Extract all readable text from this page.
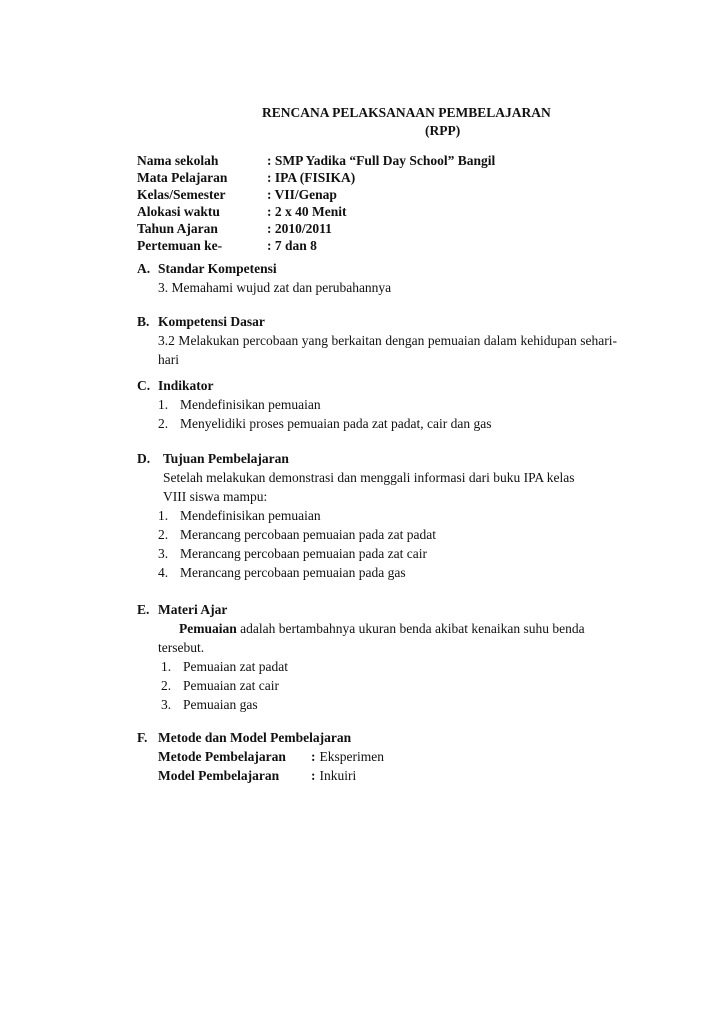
RENCANA PELAKSANAAN PEMBELAJARAN
(RPP)
Nama sekolah	: SMP Yadika “Full Day School” Bangil
Mata Pelajaran	: IPA (FISIKA)
Kelas/Semester	: VII/Genap
Alokasi waktu	: 2 x 40 Menit
Tahun Ajaran	: 2010/2011
Pertemuan ke-	: 7 dan 8
A. Standar Kompetensi
3. Memahami wujud zat dan perubahannya
B. Kompetensi Dasar
3.2 Melakukan percobaan yang berkaitan dengan pemuaian dalam kehidupan sehari-hari
C. Indikator
1. Mendefinisikan pemuaian
2. Menyelidiki proses pemuaian pada zat padat, cair dan gas
D. Tujuan Pembelajaran
Setelah melakukan demonstrasi dan menggali informasi dari buku IPA kelas
VIII siswa mampu:
1. Mendefinisikan pemuaian
2. Merancang percobaan pemuaian pada zat padat
3. Merancang percobaan pemuaian pada zat cair
4. Merancang percobaan pemuaian pada gas
E. Materi Ajar
Pemuaian adalah bertambahnya ukuran benda akibat kenaikan suhu benda
tersebut.
1. Pemuaian zat padat
2. Pemuaian zat cair
3. Pemuaian gas
F. Metode dan Model Pembelajaran
Metode Pembelajaran	: Eksperimen
Model Pembelajaran	: Inkuiri
